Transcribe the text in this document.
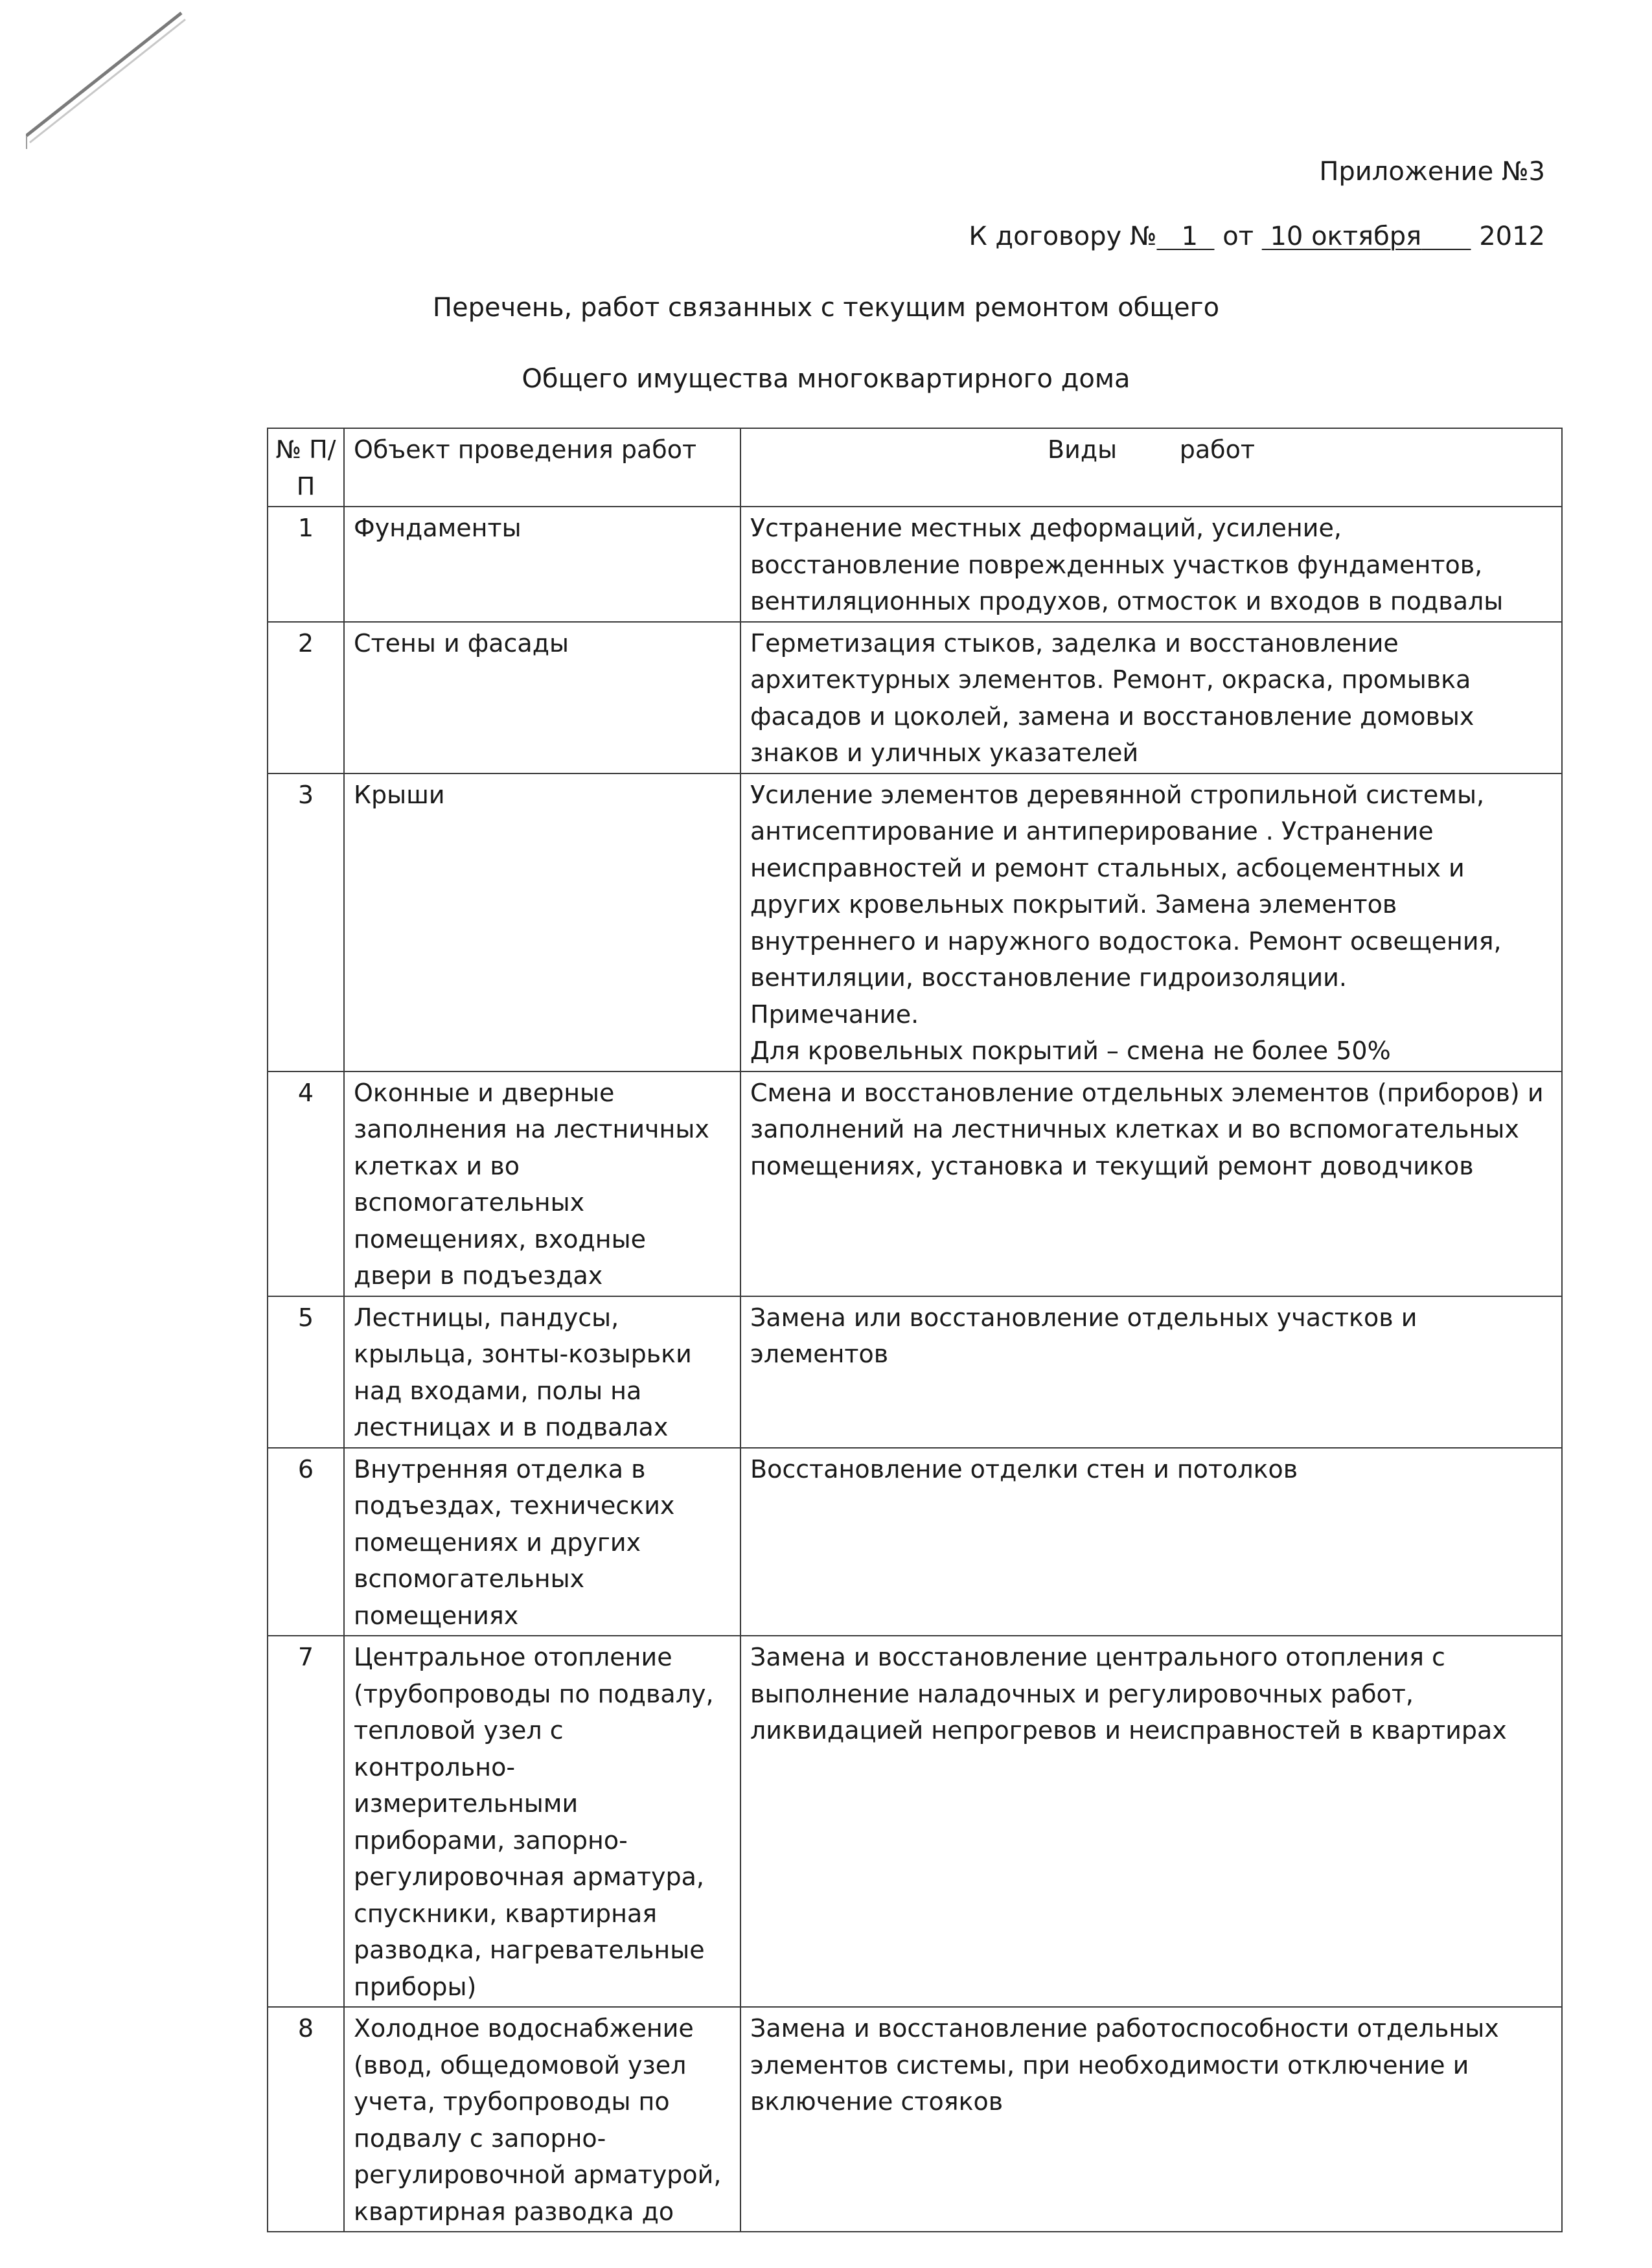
Приложение №3
К договору № 1 от 10 октября 2012
Перечень, работ связанных с текущим ремонтом общего
Общего имущества многоквартирного дома
№ П/П	Объект проведения работ	Виды        работ
1	Фундаменты	Устранение местных деформаций, усиление, восстановление поврежденных участков фундаментов, вентиляционных продухов, отмосток и входов в подвалы
2	Стены и фасады	Герметизация стыков, заделка и восстановление архитектурных элементов. Ремонт, окраска, промывка фасадов и цоколей, замена и восстановление домовых знаков и уличных указателей
3	Крыши	Усиление элементов деревянной стропильной системы, антисептирование и антиперирование . Устранение неисправностей и ремонт стальных, асбоцементных и других кровельных покрытий. Замена элементов внутреннего и наружного водостока. Ремонт освещения, вентиляции, восстановление гидроизоляции.                    Примечание.
Для кровельных покрытий – смена не более 50%

4	Оконные и дверные заполнения на лестничных клетках и во вспомогательных помещениях, входные двери в подъездах	Смена и восстановление отдельных элементов (приборов) и заполнений на лестничных клетках и во вспомогательных помещениях, установка и текущий ремонт доводчиков
5	Лестницы, пандусы, крыльца, зонты-козырьки над входами, полы на лестницах и в подвалах	Замена или восстановление отдельных участков и элементов
6	Внутренняя отделка в подъездах, технических помещениях и других вспомогательных помещениях	Восстановление отделки стен и потолков
7	Центральное отопление (трубопроводы по подвалу, тепловой узел с контрольно-измерительными приборами, запорно-регулировочная арматура, спускники, квартирная разводка, нагревательные приборы)	Замена и восстановление центрального отопления с выполнение наладочных и регулировочных работ, ликвидацией непрогревов и неисправностей в квартирах
8	Холодное водоснабжение (ввод, общедомовой узел учета, трубопроводы по подвалу с запорно-регулировочной арматурой, квартирная разводка до	Замена и восстановление работоспособности отдельных элементов системы, при необходимости отключение и включение стояков
